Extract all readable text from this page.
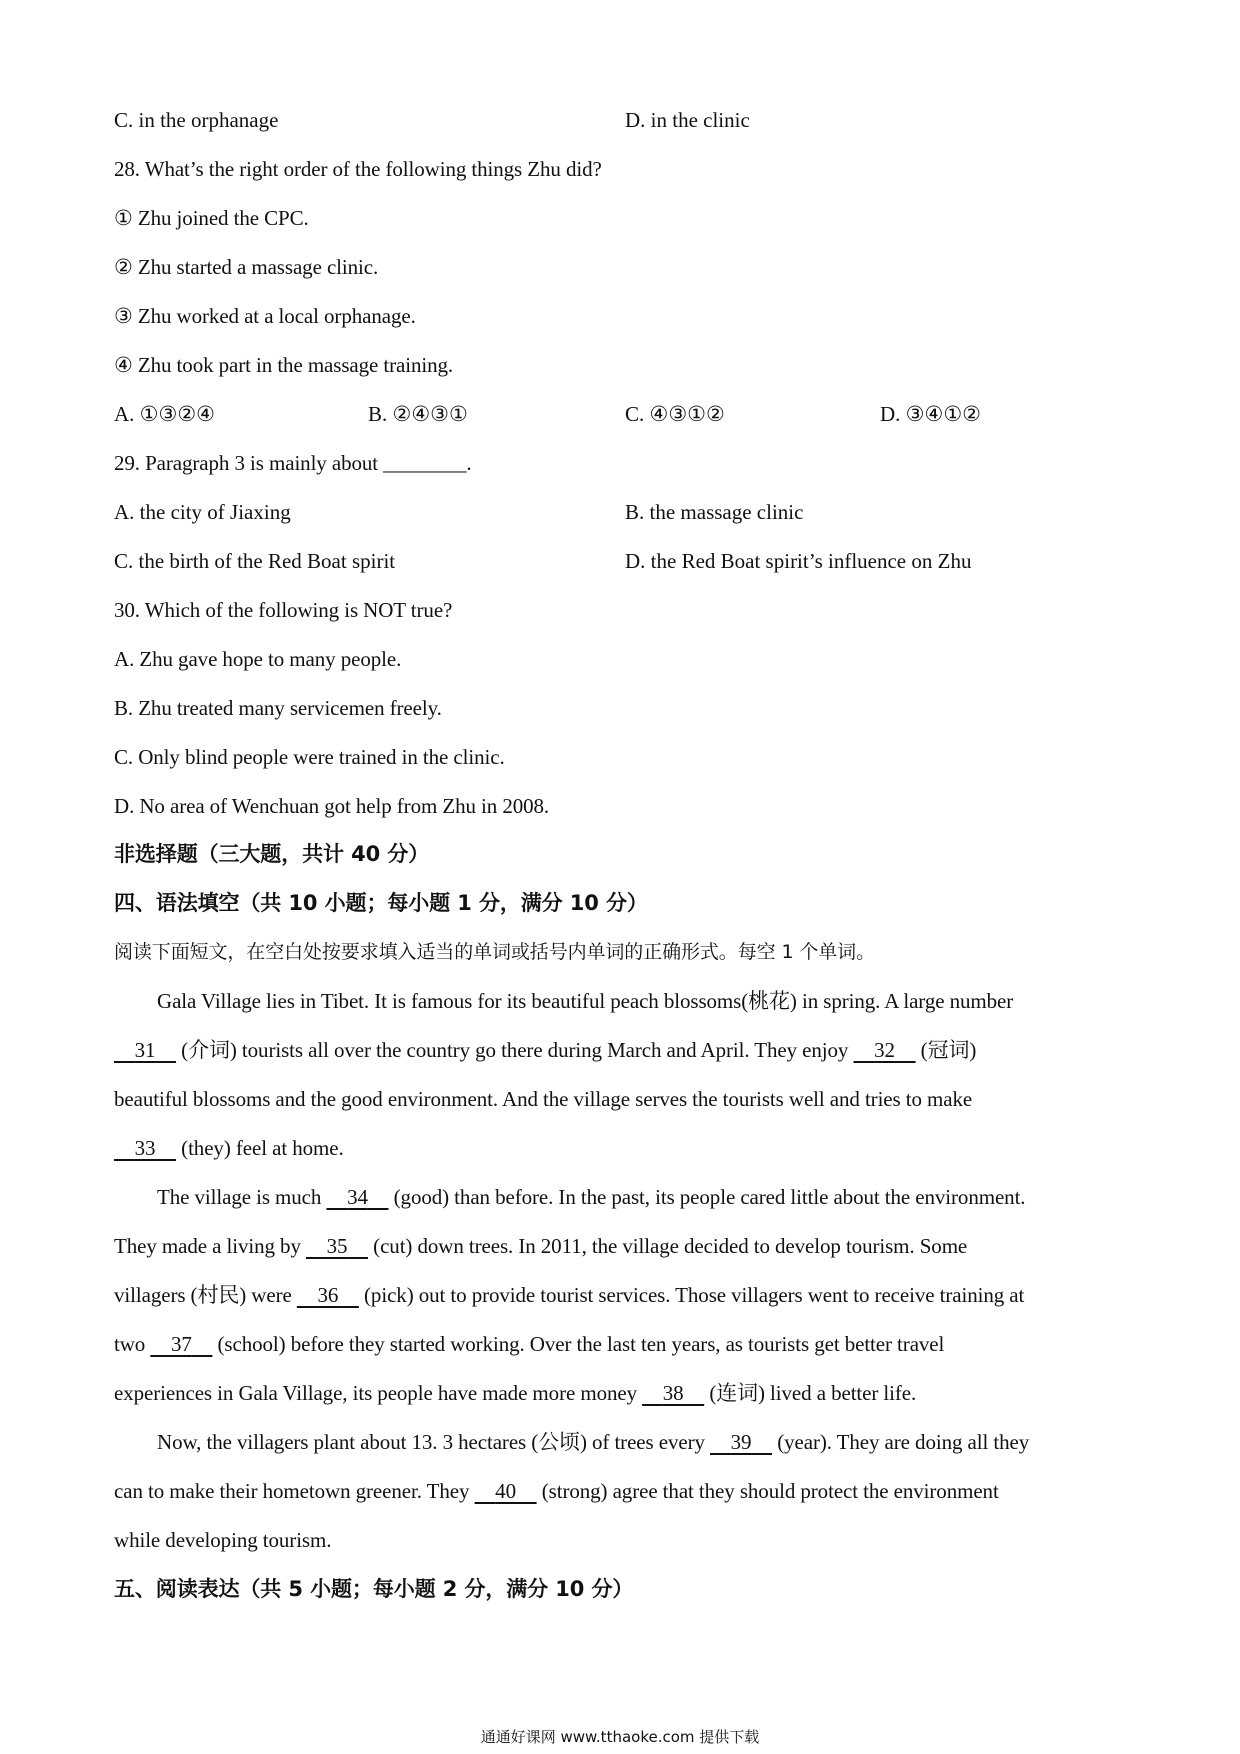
C. in the orphanage	D. in the clinic
28. What’s the right order of the following things Zhu did?
① Zhu joined the CPC.
② Zhu started a massage clinic.
③ Zhu worked at a local orphanage.
④ Zhu took part in the massage training.
A. ①③②④	B. ②④③①	C. ④③①②	D. ③④①②
29. Paragraph 3 is mainly about ________.
A. the city of Jiaxing	B. the massage clinic
C. the birth of the Red Boat spirit	D. the Red Boat spirit’s influence on Zhu
30. Which of the following is NOT true?
A. Zhu gave hope to many people.
B. Zhu treated many servicemen freely.
C. Only blind people were trained in the clinic.
D. No area of Wenchuan got help from Zhu in 2008.
非选择题（三大题，共计 40 分）
四、语法填空（共 10 小题；每小题 1 分，满分 10 分）
阅读下面短文，在空白处按要求填入适当的单词或括号内单词的正确形式。每空 1 个单词。
Gala Village lies in Tibet. It is famous for its beautiful peach blossoms(桃花) in spring. A large number
31 (介词) tourists all over the country go there during March and April. They enjoy 32 (冠词)
beautiful blossoms and the good environment. And the village serves the tourists well and tries to make
33 (they) feel at home.
The village is much 34 (good) than before. In the past, its people cared little about the environment.
They made a living by 35 (cut) down trees. In 2011, the village decided to develop tourism. Some
villagers (村民) were 36 (pick) out to provide tourist services. Those villagers went to receive training at
two 37 (school) before they started working. Over the last ten years, as tourists get better travel
experiences in Gala Village, its people have made more money 38 (连词) lived a better life.
Now, the villagers plant about 13. 3 hectares (公顷) of trees every 39 (year). They are doing all they
can to make their hometown greener. They 40 (strong) agree that they should protect the environment
while developing tourism.
五、阅读表达（共 5 小题；每小题 2 分，满分 10 分）
通通好课网 www.tthaoke.com 提供下载
